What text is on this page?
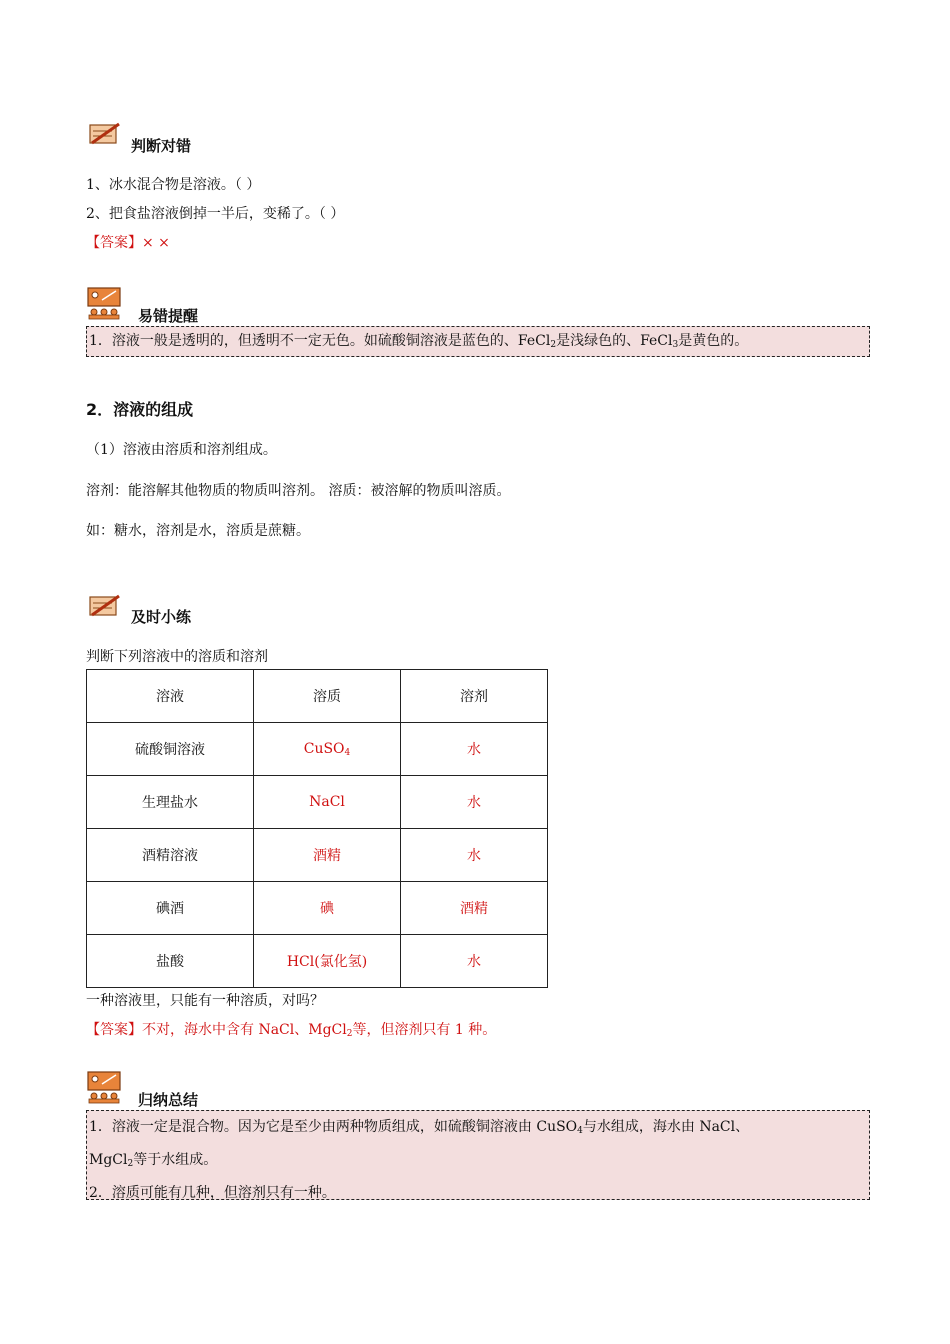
判断对错
1、冰水混合物是溶液。（ ）
2、把食盐溶液倒掉一半后，变稀了。（ ）
【答案】× ×
易错提醒
1．溶液一般是透明的，但透明不一定无色。如硫酸铜溶液是蓝色的、FeCl$_2$是浅绿色的、FeCl$_3$是黄色的。
2．溶液的组成
（1）溶液由溶质和溶剂组成。
溶剂：能溶解其他物质的物质叫溶剂。 溶质：被溶解的物质叫溶质。
如：糖水，溶剂是水，溶质是蔗糖。
及时小练
判断下列溶液中的溶质和溶剂
溶液	溶质	溶剂
硫酸铜溶液	CuSO$_4$	水
生理盐水	NaCl	水
酒精溶液	酒精	水
碘酒	碘	酒精
盐酸	HCl(氯化氢)	水
一种溶液里，只能有一种溶质，对吗？
【答案】不对，海水中含有 NaCl、MgCl$_2$等，但溶剂只有 1 种。
归纳总结
1．溶液一定是混合物。因为它是至少由两种物质组成，如硫酸铜溶液由 CuSO$_4$与水组成，海水由 NaCl、
MgCl$_2$等于水组成。
2．溶质可能有几种，但溶剂只有一种。
